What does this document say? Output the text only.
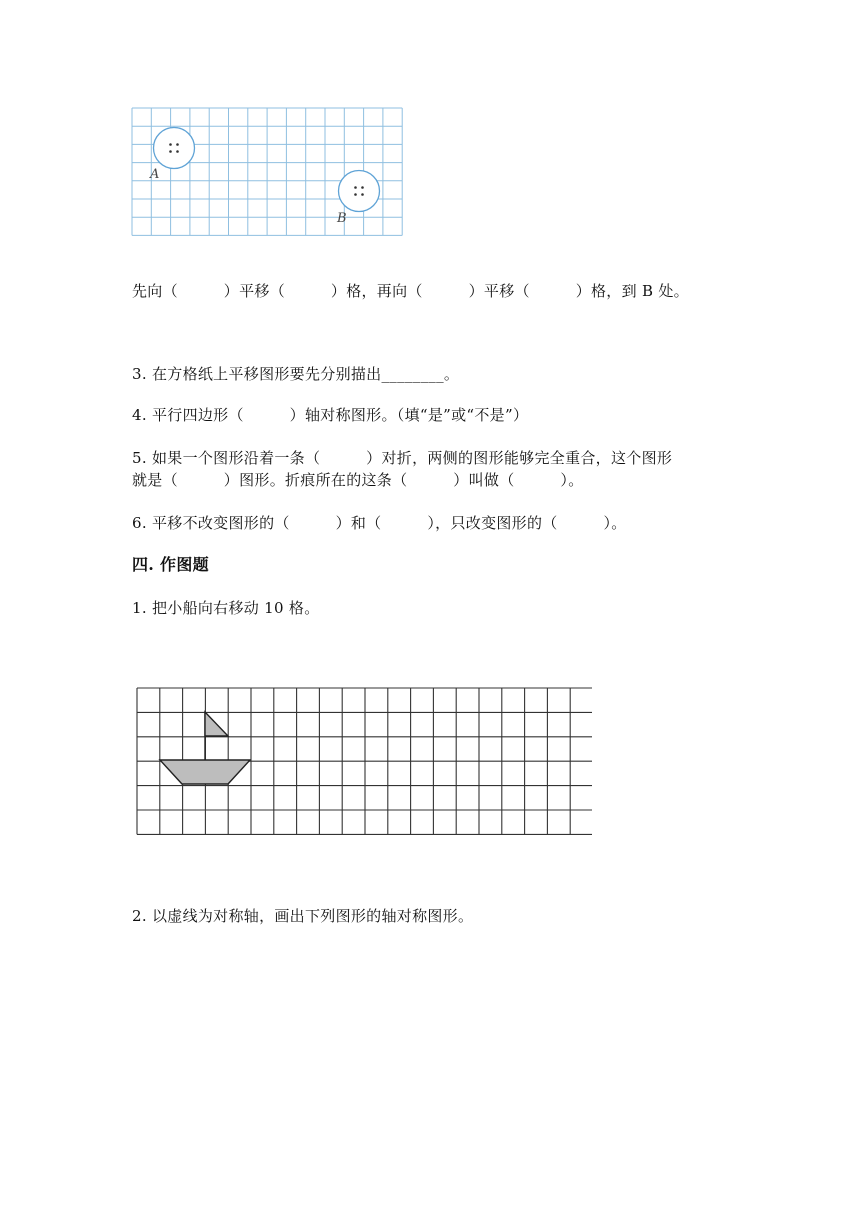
A
B
先向（　　　）平移（　　　）格，再向（　　　）平移（　　　）格，到 B 处。
3. 在方格纸上平移图形要先分别描出________。
4. 平行四边形（　　　）轴对称图形。（填“是”或“不是”）
5. 如果一个图形沿着一条（　　　）对折，两侧的图形能够完全重合，这个图形
就是（　　　）图形。折痕所在的这条（　　　）叫做（　　　）。
6. 平移不改变图形的（　　　）和（　　　），只改变图形的（　　　）。
四. 作图题
1. 把小船向右移动 10 格。
2. 以虚线为对称轴，画出下列图形的轴对称图形。
